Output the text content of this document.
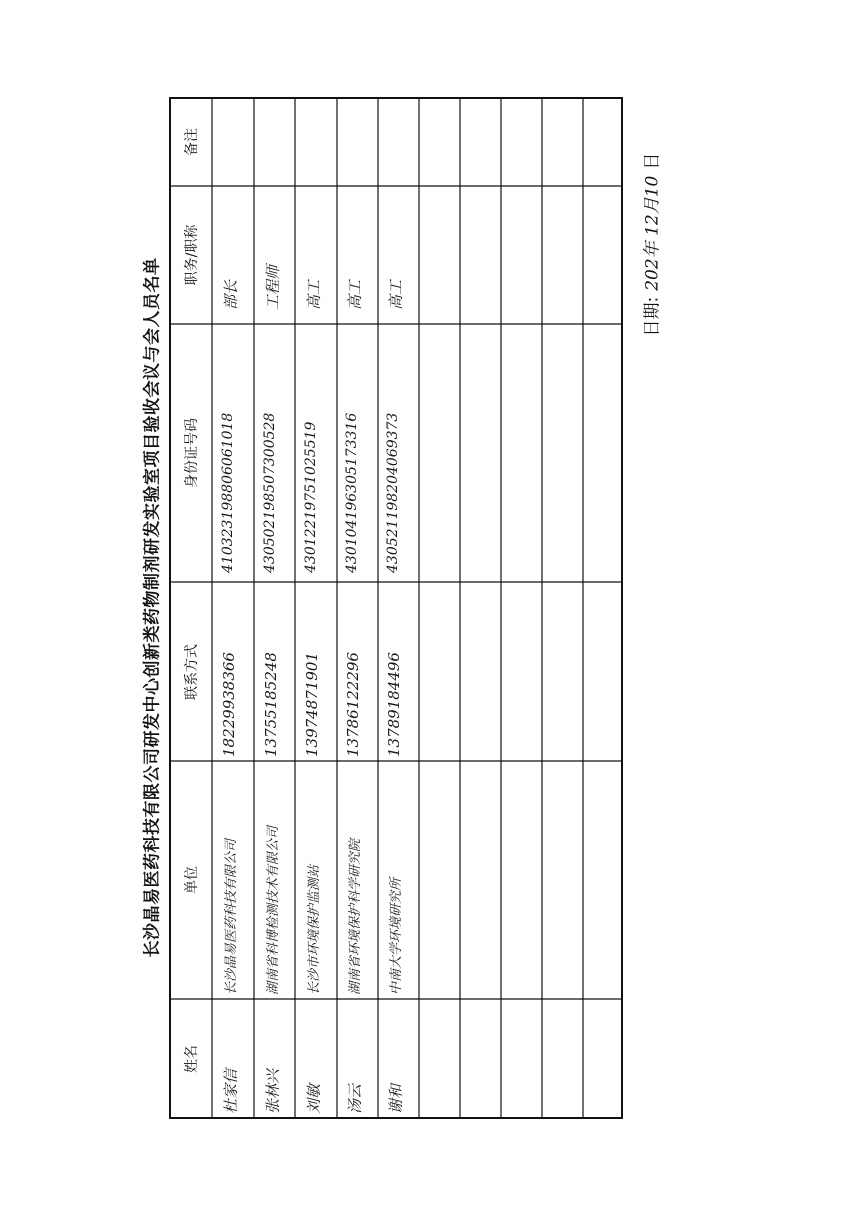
长沙晶易医药科技有限公司研发中心创新类药物制剂研发实验室项目验收会议与会人员名单	日期:
202年 12月10
日
姓名
单位
联系方式
身份证号码
职务/职称
备注
杜家信
长沙晶易医药科技有限公司
18229938366
410323198806061018
部长
张林兴
湖南省科博检测技术有限公司
13755185248
430502198507300528
工程师
刘敏
长沙市环境保护监测站
13974871901
43012219751025519
高工
汤云
湖南省环境保护科学研究院
13786122296
430104196305173316
高工
谢和
中南大学环境研究所
13789184496
430521198204069373
高工
